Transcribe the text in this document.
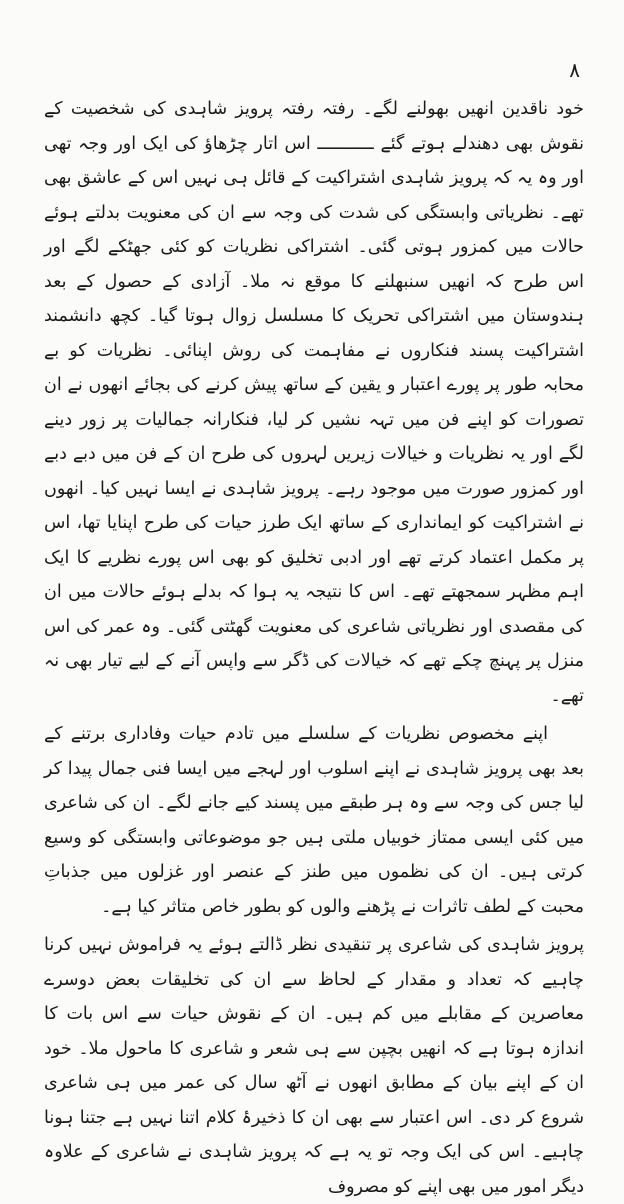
۸

خود ناقدین انھیں بھولنے لگے۔ رفتہ رفتہ پرویز شاہدی کی شخصیت کے نقوش بھی دھندلے ہوتے گئے ـــــــــــ اس اتار چڑھاؤ کی ایک اور وجہ تھی اور وہ یہ کہ پرویز شاہدی اشتراکیت کے قائل ہی نہیں اس کے عاشق بھی تھے۔ نظریاتی وابستگی کی شدت کی وجہ سے ان کی معنویت بدلتے ہوئے حالات میں کمزور ہوتی گئی۔ اشتراکی نظریات کو کئی جھٹکے لگے اور اس طرح کہ انھیں سنبھلنے کا موقع نہ ملا۔ آزادی کے حصول کے بعد ہندوستان میں اشتراکی تحریک کا مسلسل زوال ہوتا گیا۔ کچھ دانشمند اشتراکیت پسند فنکاروں نے مفاہمت کی روش اپنائی۔ نظریات کو بے محابہ طور پر پورے اعتبار و یقین کے ساتھ پیش کرنے کی بجائے انھوں نے ان تصورات کو اپنے فن میں تہہ نشیں کر لیا، فنکارانہ جمالیات پر زور دینے لگے اور یہ نظریات و خیالات زیریں لہروں کی طرح ان کے فن میں دبے دبے اور کمزور صورت میں موجود رہے۔ پرویز شاہدی نے ایسا نہیں کیا۔ انھوں نے اشتراکیت کو ایمانداری کے ساتھ ایک طرز حیات کی طرح اپنایا تھا، اس پر مکمل اعتماد کرتے تھے اور ادبی تخلیق کو بھی اس پورے نظریے کا ایک اہم مظہر سمجھتے تھے۔ اس کا نتیجہ یہ ہوا کہ بدلے ہوئے حالات میں ان کی مقصدی اور نظریاتی شاعری کی معنویت گھٹتی گئی۔ وہ عمر کی اس منزل پر پہنچ چکے تھے کہ خیالات کی ڈگر سے واپس آنے کے لیے تیار بھی نہ تھے۔

اپنے مخصوص نظریات کے سلسلے میں تادم حیات وفاداری برتنے کے بعد بھی پرویز شاہدی نے اپنے اسلوب اور لہجے میں ایسا فنی جمال پیدا کر لیا جس کی وجہ سے وہ ہر طبقے میں پسند کیے جانے لگے۔ ان کی شاعری میں کئی ایسی ممتاز خوبیاں ملتی ہیں جو موضوعاتی وابستگی کو وسیع کرتی ہیں۔ ان کی نظموں میں طنز کے عنصر اور غزلوں میں جذباتِ محبت کے لطف تاثرات نے پڑھنے والوں کو بطور خاص متاثر کیا ہے۔

پرویز شاہدی کی شاعری پر تنقیدی نظر ڈالتے ہوئے یہ فراموش نہیں کرنا چاہیے کہ تعداد و مقدار کے لحاظ سے ان کی تخلیقات بعض دوسرے معاصرین کے مقابلے میں کم ہیں۔ ان کے نقوش حیات سے اس بات کا اندازہ ہوتا ہے کہ انھیں بچپن سے ہی شعر و شاعری کا ماحول ملا۔ خود ان کے اپنے بیان کے مطابق انھوں نے آٹھ سال کی عمر میں ہی شاعری شروع کر دی۔ اس اعتبار سے بھی ان کا ذخیرۂ کلام اتنا نہیں ہے جتنا ہونا چاہیے۔ اس کی ایک وجہ تو یہ ہے کہ پرویز شاہدی نے شاعری کے علاوہ دیگر امور میں بھی اپنے کو مصروف
